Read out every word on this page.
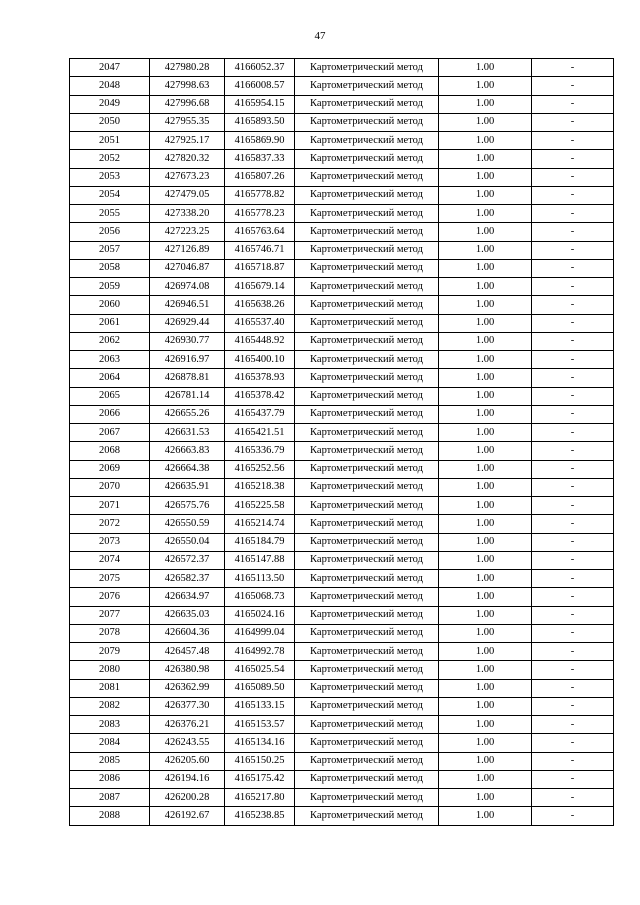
47
2047	427980.28	4166052.37	Картометрический метод	1.00	-
2048	427998.63	4166008.57	Картометрический метод	1.00	-
2049	427996.68	4165954.15	Картометрический метод	1.00	-
2050	427955.35	4165893.50	Картометрический метод	1.00	-
2051	427925.17	4165869.90	Картометрический метод	1.00	-
2052	427820.32	4165837.33	Картометрический метод	1.00	-
2053	427673.23	4165807.26	Картометрический метод	1.00	-
2054	427479.05	4165778.82	Картометрический метод	1.00	-
2055	427338.20	4165778.23	Картометрический метод	1.00	-
2056	427223.25	4165763.64	Картометрический метод	1.00	-
2057	427126.89	4165746.71	Картометрический метод	1.00	-
2058	427046.87	4165718.87	Картометрический метод	1.00	-
2059	426974.08	4165679.14	Картометрический метод	1.00	-
2060	426946.51	4165638.26	Картометрический метод	1.00	-
2061	426929.44	4165537.40	Картометрический метод	1.00	-
2062	426930.77	4165448.92	Картометрический метод	1.00	-
2063	426916.97	4165400.10	Картометрический метод	1.00	-
2064	426878.81	4165378.93	Картометрический метод	1.00	-
2065	426781.14	4165378.42	Картометрический метод	1.00	-
2066	426655.26	4165437.79	Картометрический метод	1.00	-
2067	426631.53	4165421.51	Картометрический метод	1.00	-
2068	426663.83	4165336.79	Картометрический метод	1.00	-
2069	426664.38	4165252.56	Картометрический метод	1.00	-
2070	426635.91	4165218.38	Картометрический метод	1.00	-
2071	426575.76	4165225.58	Картометрический метод	1.00	-
2072	426550.59	4165214.74	Картометрический метод	1.00	-
2073	426550.04	4165184.79	Картометрический метод	1.00	-
2074	426572.37	4165147.88	Картометрический метод	1.00	-
2075	426582.37	4165113.50	Картометрический метод	1.00	-
2076	426634.97	4165068.73	Картометрический метод	1.00	-
2077	426635.03	4165024.16	Картометрический метод	1.00	-
2078	426604.36	4164999.04	Картометрический метод	1.00	-
2079	426457.48	4164992.78	Картометрический метод	1.00	-
2080	426380.98	4165025.54	Картометрический метод	1.00	-
2081	426362.99	4165089.50	Картометрический метод	1.00	-
2082	426377.30	4165133.15	Картометрический метод	1.00	-
2083	426376.21	4165153.57	Картометрический метод	1.00	-
2084	426243.55	4165134.16	Картометрический метод	1.00	-
2085	426205.60	4165150.25	Картометрический метод	1.00	-
2086	426194.16	4165175.42	Картометрический метод	1.00	-
2087	426200.28	4165217.80	Картометрический метод	1.00	-
2088	426192.67	4165238.85	Картометрический метод	1.00	-
